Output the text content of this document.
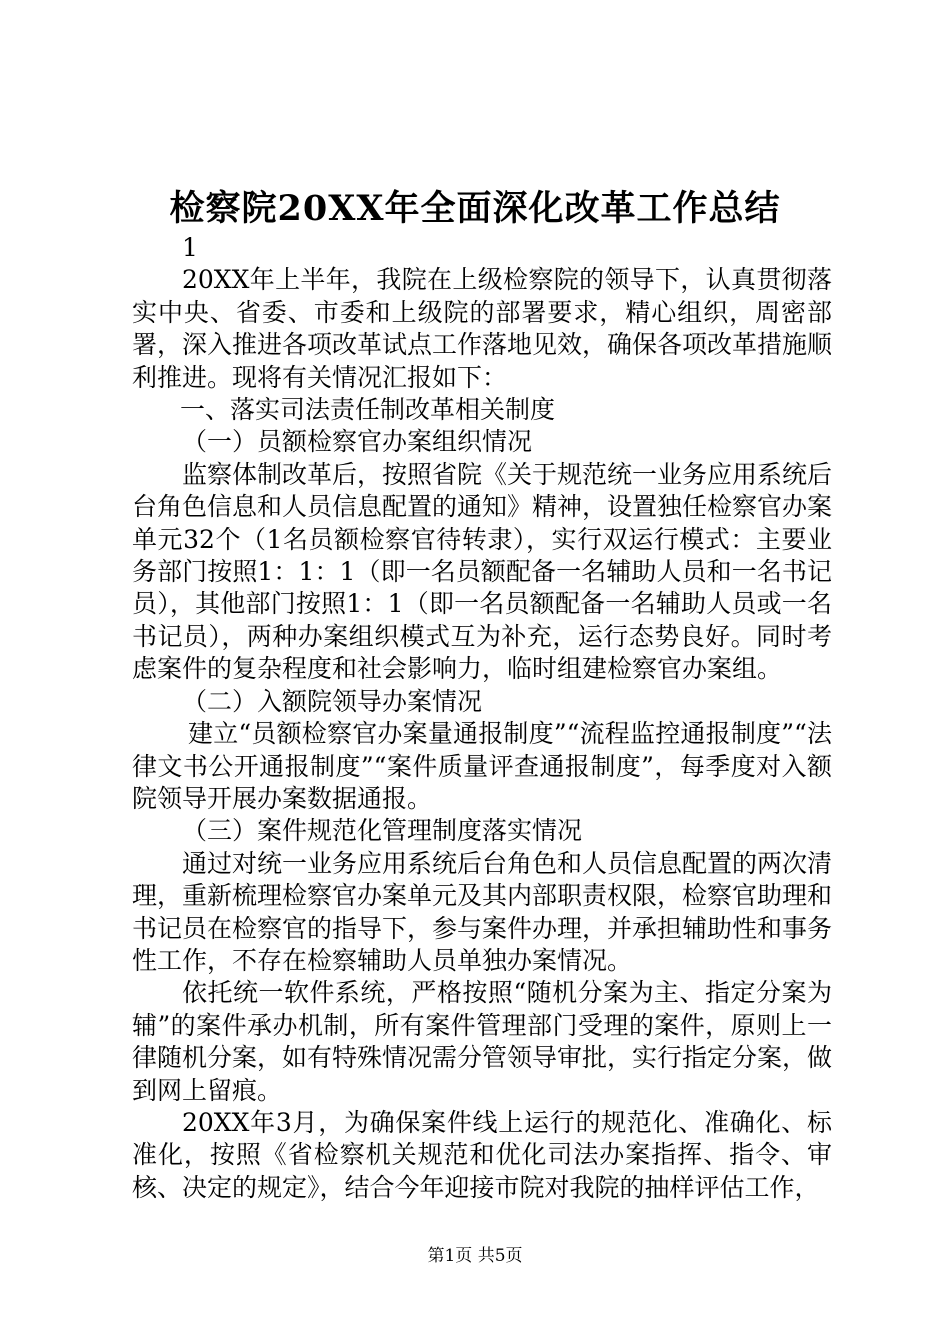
检察院20XX年全面深化改革工作总结

1

20XX年上半年，我院在上级检察院的领导下，认真贯彻落实中央、省委、市委和上级院的部署要求，精心组织，周密部署，深入推进各项改革试点工作落地见效，确保各项改革措施顺利推进。现将有关情况汇报如下：

一、落实司法责任制改革相关制度

（一）员额检察官办案组织情况

监察体制改革后，按照省院《关于规范统一业务应用系统后台角色信息和人员信息配置的通知》精神，设置独任检察官办案单元32个（1名员额检察官待转隶），实行双运行模式：主要业务部门按照1：1：1（即一名员额配备一名辅助人员和一名书记员），其他部门按照1：1（即一名员额配备一名辅助人员或一名书记员），两种办案组织模式互为补充，运行态势良好。同时考虑案件的复杂程度和社会影响力，临时组建检察官办案组。

（二）入额院领导办案情况

建立“员额检察官办案量通报制度”“流程监控通报制度”“法律文书公开通报制度”“案件质量评查通报制度”，每季度对入额院领导开展办案数据通报。

（三）案件规范化管理制度落实情况

通过对统一业务应用系统后台角色和人员信息配置的两次清理，重新梳理检察官办案单元及其内部职责权限，检察官助理和书记员在检察官的指导下，参与案件办理，并承担辅助性和事务性工作，不存在检察辅助人员单独办案情况。

依托统一软件系统，严格按照“随机分案为主、指定分案为辅”的案件承办机制，所有案件管理部门受理的案件，原则上一律随机分案，如有特殊情况需分管领导审批，实行指定分案，做到网上留痕。

20XX年3月，为确保案件线上运行的规范化、准确化、标准化，按照《省检察机关规范和优化司法办案指挥、指令、审核、决定的规定》，结合今年迎接市院对我院的抽样评估工作，

第1页 共5页
